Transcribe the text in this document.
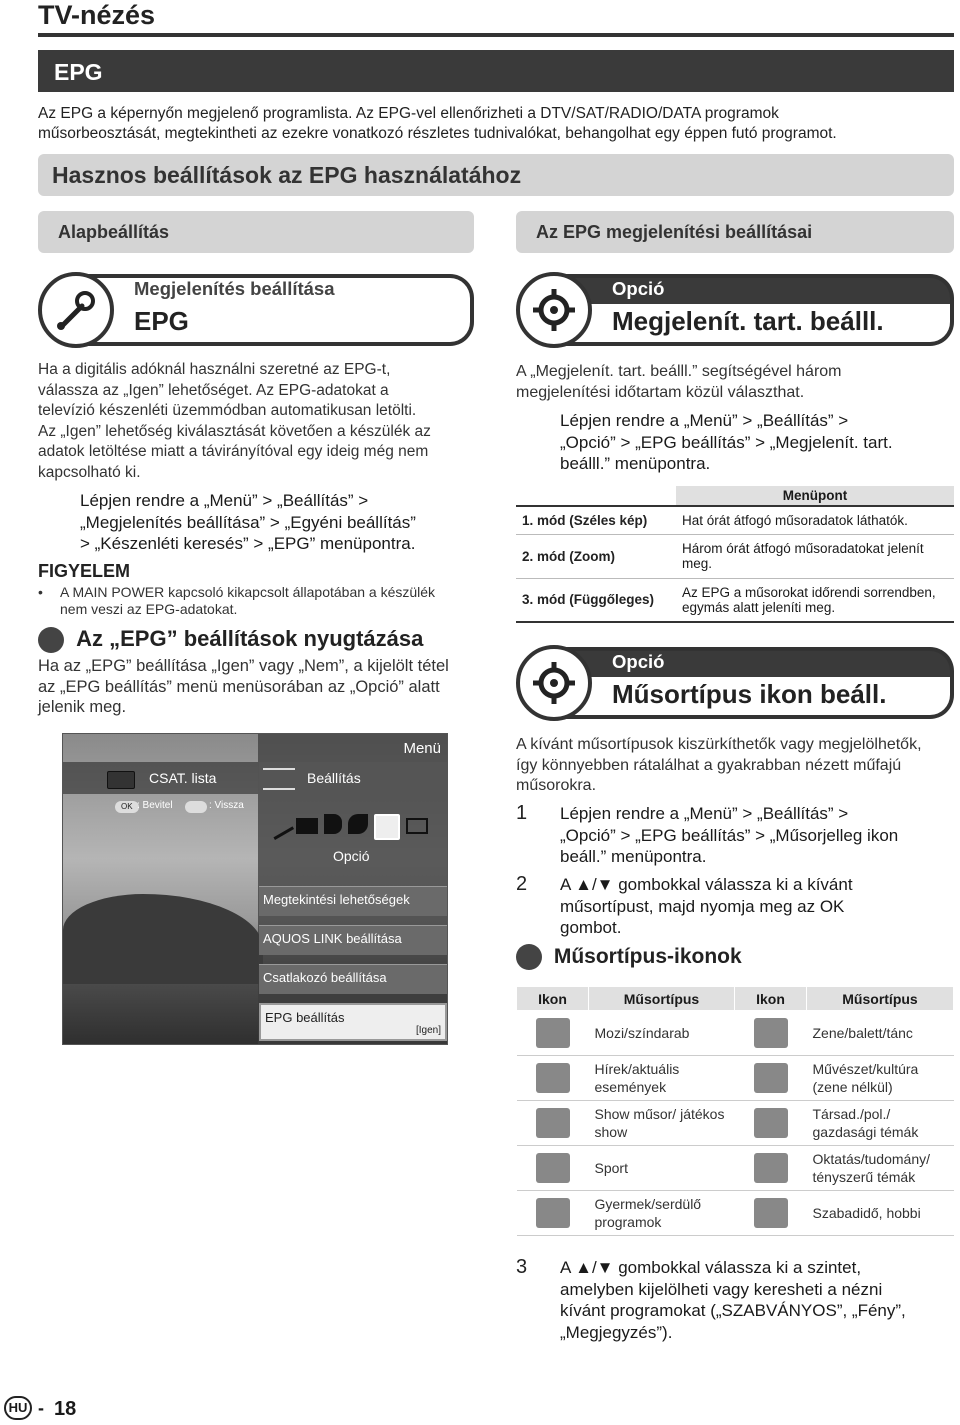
TV-nézés
EPG
Az EPG a képernyőn megjelenő programlista. Az EPG-vel ellenőrizheti a DTV/SAT/RADIO/DATA programok
műsorbeosztását, megtekintheti az ezekre vonatkozó részletes tudnivalókat, behangolhat egy éppen futó programot.
Hasznos beállítások az EPG használatához
Alapbeállítás
Megjelenítés beállítása
EPG
Ha a digitális adóknál használni szeretné az EPG-t,
válassza az „Igen” lehetőséget. Az EPG-adatokat a
televízió készenléti üzemmódban automatikusan letölti.
Az „Igen” lehetőség kiválasztását követően a készülék az
adatok letöltése miatt a távirányítóval egy ideig még nem
kapcsolható ki.
Lépjen rendre a „Menü” > „Beállítás” >
„Megjelenítés beállítása” > „Egyéni beállítás”
> „Készenléti keresés” > „EPG” menüpontra.
FIGYELEM
•	A MAIN POWER kapcsoló kikapcsolt állapotában a készülék
nem veszi az EPG-adatokat.
Az „EPG” beállítások nyugtázása
Ha az „EPG” beállítása „Igen” vagy „Nem”, a kijelölt tétel
az „EPG beállítás” menü menüsorában az „Opció” alatt
jelenik meg.
Menü
CSAT. lista	Beállítás
OK : Bevitel	: Vissza
Opció
Megtekintési lehetőségek
AQUOS LINK beállítása
Csatlakozó beállítása
EPG beállítás
[Igen]
Az EPG megjelenítési beállításai
Opció
Megjelenít. tart. beálll.
A „Megjelenít. tart. beálll.” segítségével három
megjelenítési időtartam közül választhat.
Lépjen rendre a „Menü” > „Beállítás” >
„Opció” > „EPG beállítás” > „Megjelenít. tart.
beálll.” menüpontra.
	Menüpont
1. mód (Széles kép)	Hat órát átfogó műsoradatok láthatók.
2. mód (Zoom)	Három órát átfogó műsoradatokat jelenít meg.
3. mód (Függőleges)	Az EPG a műsorokat időrendi sorrendben, egymás alatt jeleníti meg.
Opció
Műsortípus ikon beáll.
A kívánt műsortípusok kiszürkíthetők vagy megjelölhetők,
így könnyebben rátalálhat a gyakrabban nézett műfajú
műsorokra.
1 Lépjen rendre a „Menü” > „Beállítás” >
„Opció” > „EPG beállítás” > „Műsorjelleg ikon
beáll.” menüpontra.
2 A ▲/▼ gombokkal válassza ki a kívánt
műsortípust, majd nyomja meg az OK
gombot.
Műsortípus-ikonok
Ikon	Műsortípus	Ikon	Műsortípus

	Mozi/színdarab		Zene/balett/tánc

	Hírek/aktuális események		Művészet/kultúra (zene nélkül)

	Show műsor/ játékos show		Társad./pol./ gazdasági témák

	Sport		Oktatás/tudomány/ tényszerű témák

	Gyermek/serdülő programok		Szabadidő, hobbi
3 A ▲/▼ gombokkal válassza ki a szintet,
amelyben kijelölheti vagy keresheti a nézni
kívánt programokat („SZABVÁNYOS”, „Fény”,
„Megjegyzés”).
HU - 18
